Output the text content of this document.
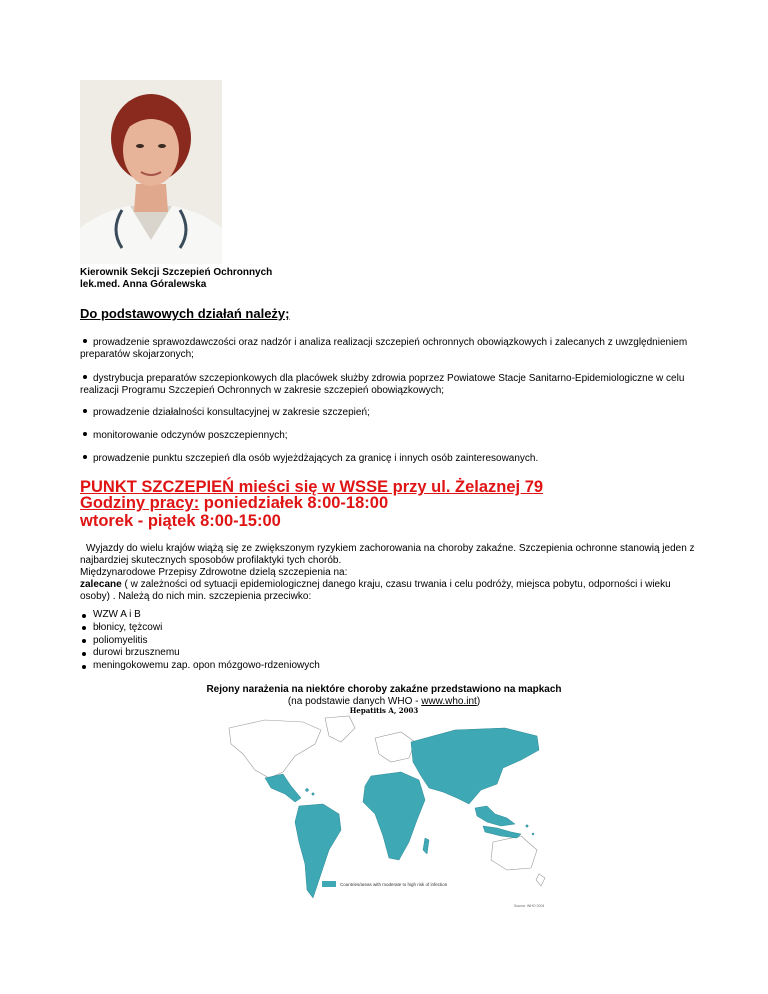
Kierownik Sekcji Szczepień Ochronnych
lek.med. Anna Góralewska
Do podstawowych działań należy;
prowadzenie sprawozdawczości oraz nadzór i analiza realizacji szczepień ochronnych obowiązkowych i zalecanych z uwzględnieniem preparatów skojarzonych;
dystrybucja preparatów szczepionkowych dla placówek służby zdrowia poprzez Powiatowe Stacje Sanitarno-Epidemiologiczne w celu realizacji Programu Szczepień Ochronnych w zakresie szczepień obowiązkowych;
prowadzenie działalności konsultacyjnej w zakresie szczepień;
monitorowanie odczynów poszczepiennych;
prowadzenie punktu szczepień dla osób wyjeżdżających za granicę i innych osób zainteresowanych.
PUNKT SZCZEPIEŃ mieści się w WSSE przy ul. Żelaznej 79
Godziny pracy: poniedziałek 8:00-18:00
wtorek - piątek 8:00-15:00
Wyjazdy do wielu krajów wiążą się ze zwiększonym ryzykiem zachorowania na choroby zakaźne. Szczepienia ochronne stanowią jeden z najbardziej skutecznych sposobów profilaktyki tych chorób.
Międzynarodowe Przepisy Zdrowotne dzielą szczepienia na:
zalecane ( w zależności od sytuacji epidemiologicznej danego kraju, czasu trwania i celu podróży, miejsca pobytu, odporności i wieku osoby) . Należą do nich min. szczepienia przeciwko:
WZW A i B
błonicy, tężcowi
poliomyelitis
durowi brzusznemu
meningokowemu zap. opon mózgowo-rdzeniowych
Rejony narażenia na niektóre choroby zakaźne przedstawiono na mapkach
(na podstawie danych WHO - www.who.int)
Hepatitis A, 2003
Countries/areas with moderate to high risk of infection
Source: WHO 2004
